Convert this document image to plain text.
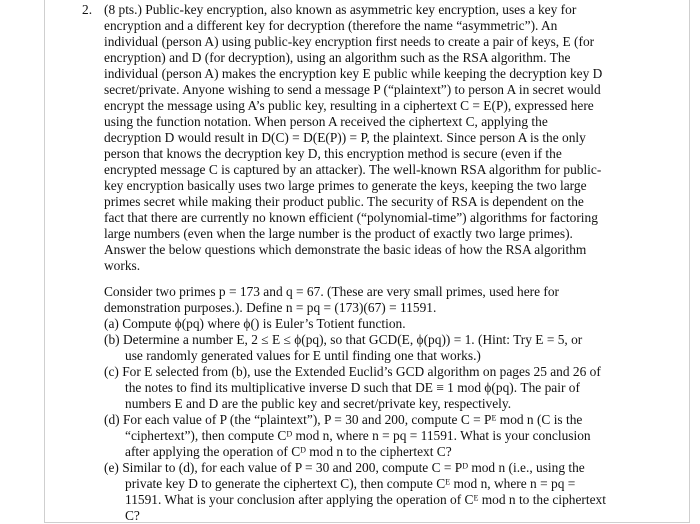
2. (8 pts.) Public-key encryption, also known as asymmetric key encryption, uses a key for
encryption and a different key for decryption (therefore the name “asymmetric”). An
individual (person A) using public-key encryption first needs to create a pair of keys, E (for
encryption) and D (for decryption), using an algorithm such as the RSA algorithm. The
individual (person A) makes the encryption key E public while keeping the decryption key D
secret/private. Anyone wishing to send a message P (“plaintext”) to person A in secret would
encrypt the message using A’s public key, resulting in a ciphertext C = E(P), expressed here
using the function notation. When person A received the ciphertext C, applying the
decryption D would result in D(C) = D(E(P)) = P, the plaintext. Since person A is the only
person that knows the decryption key D, this encryption method is secure (even if the
encrypted message C is captured by an attacker). The well-known RSA algorithm for public-
key encryption basically uses two large primes to generate the keys, keeping the two large
primes secret while making their product public. The security of RSA is dependent on the
fact that there are currently no known efficient (“polynomial-time”) algorithms for factoring
large numbers (even when the large number is the product of exactly two large primes).
Answer the below questions which demonstrate the basic ideas of how the RSA algorithm
works.
Consider two primes p = 173 and q = 67. (These are very small primes, used here for
demonstration purposes.). Define n = pq = (173)(67) = 11591.
(a) Compute ϕ(pq) where ϕ() is Euler’s Totient function.
(b) Determine a number E, 2 ≤ E ≤ ϕ(pq), so that GCD(E, ϕ(pq)) = 1. (Hint: Try E = 5, or
use randomly generated values for E until finding one that works.)
(c) For E selected from (b), use the Extended Euclid’s GCD algorithm on pages 25 and 26 of
the notes to find its multiplicative inverse D such that DE ≡ 1 mod ϕ(pq). The pair of
numbers E and D are the public key and secret/private key, respectively.
(d) For each value of P (the “plaintext”), P = 30 and 200, compute C = Pᴱ mod n (C is the
“ciphertext”), then compute Cᴰ mod n, where n = pq = 11591. What is your conclusion
after applying the operation of Cᴰ mod n to the ciphertext C?
(e) Similar to (d), for each value of P = 30 and 200, compute C = Pᴰ mod n (i.e., using the
private key D to generate the ciphertext C), then compute Cᴱ mod n, where n = pq =
11591. What is your conclusion after applying the operation of Cᴱ mod n to the ciphertext
C?
